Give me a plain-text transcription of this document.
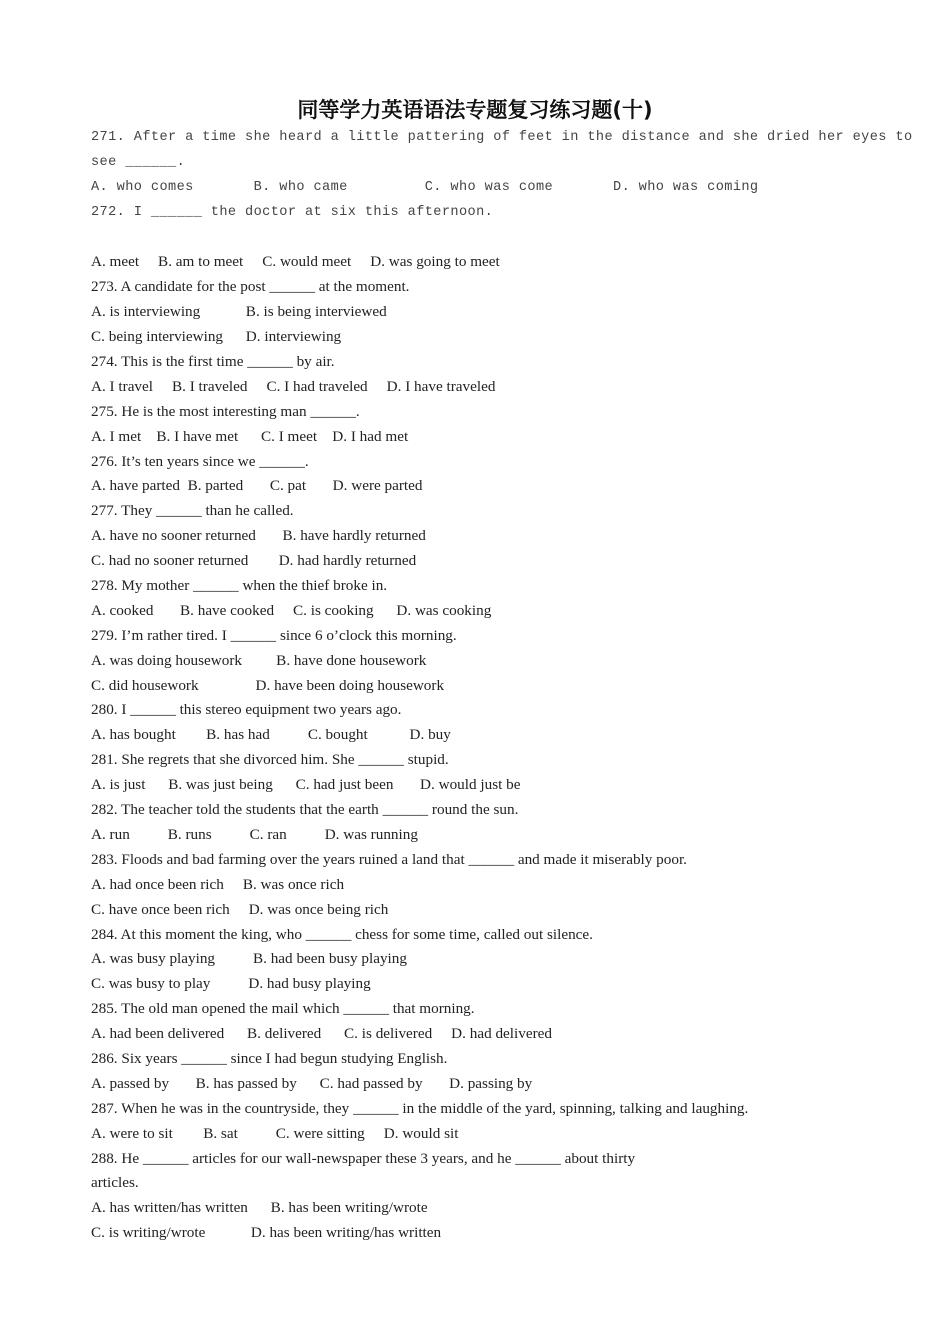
同等学力英语语法专题复习练习题(十)
271. After a time she heard a little pattering of feet in the distance and she dried her eyes to
see ______.
A. who comes       B. who came         C. who was come       D. who was coming
272. I ______ the doctor at six this afternoon.
A. meet     B. am to meet     C. would meet     D. was going to meet
273. A candidate for the post ______ at the moment.
A. is interviewing            B. is being interviewed
C. being interviewing      D. interviewing
274. This is the first time ______ by air.
A. I travel     B. I traveled     C. I had traveled     D. I have traveled
275. He is the most interesting man ______.
A. I met    B. I have met      C. I meet    D. I had met
276. It’s ten years since we ______.
A. have parted  B. parted       C. pat       D. were parted
277. They ______ than he called.
A. have no sooner returned       B. have hardly returned
C. had no sooner returned        D. had hardly returned
278. My mother ______ when the thief broke in.
A. cooked       B. have cooked     C. is cooking      D. was cooking
279. I’m rather tired. I ______ since 6 o’clock this morning.
A. was doing housework         B. have done housework
C. did housework               D. have been doing housework
280. I ______ this stereo equipment two years ago.
A. has bought        B. has had          C. bought           D. buy
281. She regrets that she divorced him. She ______ stupid.
A. is just      B. was just being      C. had just been       D. would just be
282. The teacher told the students that the earth ______ round the sun.
A. run          B. runs          C. ran          D. was running
283. Floods and bad farming over the years ruined a land that ______ and made it miserably poor.
A. had once been rich     B. was once rich
C. have once been rich     D. was once being rich
284. At this moment the king, who ______ chess for some time, called out silence.
A. was busy playing          B. had been busy playing
C. was busy to play          D. had busy playing
285. The old man opened the mail which ______ that morning.
A. had been delivered      B. delivered      C. is delivered     D. had delivered
286. Six years ______ since I had begun studying English.
A. passed by       B. has passed by      C. had passed by       D. passing by
287. When he was in the countryside, they ______ in the middle of the yard, spinning, talking and laughing.
A. were to sit        B. sat          C. were sitting     D. would sit
288. He ______ articles for our wall-newspaper these 3 years, and he ______ about thirty
articles.
A. has written/has written      B. has been writing/wrote
C. is writing/wrote            D. has been writing/has written
